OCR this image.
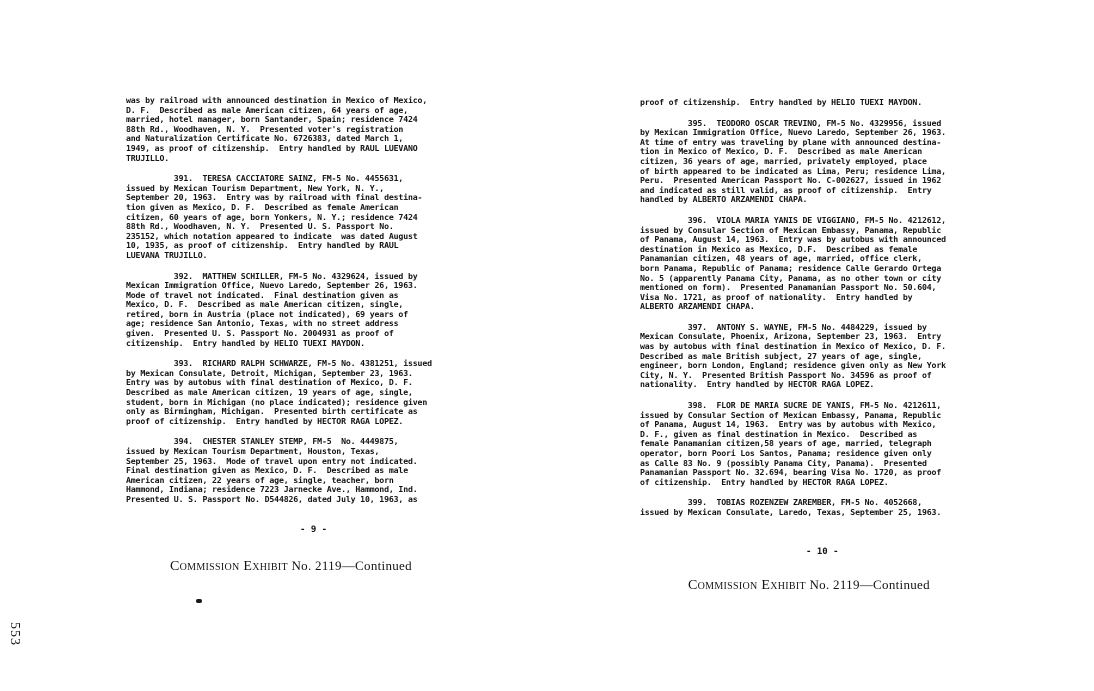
553

was by railroad with announced destination in Mexico of Mexico,
D. F.  Described as male American citizen, 64 years of age,
married, hotel manager, born Santander, Spain; residence 7424
88th Rd., Woodhaven, N. Y.  Presented voter's registration
and Naturalization Certificate No. 6726383, dated March 1,
1949, as proof of citizenship.  Entry handled by RAUL LUEVANO
TRUJILLO.

391.  TERESA CACCIATORE SAINZ, FM-5 No. 4455631,
issued by Mexican Tourism Department, New York, N. Y.,
September 20, 1963.  Entry was by railroad with final destina-
tion given as Mexico, D. F.  Described as female American
citizen, 60 years of age, born Yonkers, N. Y.; residence 7424
88th Rd., Woodhaven, N. Y.  Presented U. S. Passport No.
235152, which notation appeared to indicate  was dated August
10, 1935, as proof of citizenship.  Entry handled by RAUL
LUEVANA TRUJILLO.

392.  MATTHEW SCHILLER, FM-5 No. 4329624, issued by
Mexican Immigration Office, Nuevo Laredo, September 26, 1963.
Mode of travel not indicated.  Final destination given as
Mexico, D. F.  Described as male American citizen, single,
retired, born in Austria (place not indicated), 69 years of
age; residence San Antonio, Texas, with no street address
given.  Presented U. S. Passport No. 2004931 as proof of
citizenship.  Entry handled by HELIO TUEXI MAYDON.

393.  RICHARD RALPH SCHWARZE, FM-5 No. 4381251, issued
by Mexican Consulate, Detroit, Michigan, September 23, 1963.
Entry was by autobus with final destination of Mexico, D. F.
Described as male American citizen, 19 years of age, single,
student, born in Michigan (no place indicated); residence given
only as Birmingham, Michigan.  Presented birth certificate as
proof of citizenship.  Entry handled by HECTOR RAGA LOPEZ.

394.  CHESTER STANLEY STEMP, FM-5  No. 4449875,
issued by Mexican Tourism Department, Houston, Texas,
September 25, 1963.  Mode of travel upon entry not indicated.
Final destination given as Mexico, D. F.  Described as male
American citizen, 22 years of age, single, teacher, born
Hammond, Indiana; residence 7223 Jarnecke Ave., Hammond, Ind.
Presented U. S. Passport No. D544826, dated July 10, 1963, as

- 9 -
Commission Exhibit No. 2119—Continued

proof of citizenship.  Entry handled by HELIO TUEXI MAYDON.

395.  TEODORO OSCAR TREVINO, FM-5 No. 4329956, issued
by Mexican Immigration Office, Nuevo Laredo, September 26, 1963.
At time of entry was traveling by plane with announced destina-
tion in Mexico of Mexico, D. F.  Described as male American
citizen, 36 years of age, married, privately employed, place
of birth appeared to be indicated as Lima, Peru; residence Lima,
Peru.  Presented American Passport No. C-002627, issued in 1962
and indicated as still valid, as proof of citizenship.  Entry
handled by ALBERTO ARZAMENDI CHAPA.

396.  VIOLA MARIA YANIS DE VIGGIANO, FM-5 No. 4212612,
issued by Consular Section of Mexican Embassy, Panama, Republic
of Panama, August 14, 1963.  Entry was by autobus with announced
destination in Mexico as Mexico, D.F.  Described as female
Panamanian citizen, 48 years of age, married, office clerk,
born Panama, Republic of Panama; residence Calle Gerardo Ortega
No. 5 (apparently Panama City, Panama, as no other town or city
mentioned on form).  Presented Panamanian Passport No. 50.604,
Visa No. 1721, as proof of nationality.  Entry handled by
ALBERTO ARZAMENDI CHAPA.

397.  ANTONY S. WAYNE, FM-5 No. 4484229, issued by
Mexican Consulate, Phoenix, Arizona, September 23, 1963.  Entry
was by autobus with final destination in Mexico of Mexico, D. F.
Described as male British subject, 27 years of age, single,
engineer, born London, England; residence given only as New York
City, N. Y.  Presented British Passport No. 34596 as proof of
nationality.  Entry handled by HECTOR RAGA LOPEZ.

398.  FLOR DE MARIA SUCRE DE YANIS, FM-5 No. 4212611,
issued by Consular Section of Mexican Embassy, Panama, Republic
of Panama, August 14, 1963.  Entry was by autobus with Mexico,
D. F., given as final destination in Mexico.  Described as
female Panamanian citizen,58 years of age, married, telegraph
operator, born Poori Los Santos, Panama; residence given only
as Calle 83 No. 9 (possibly Panama City, Panama).  Presented
Panamanian Passport No. 32.694, bearing Visa No. 1720, as proof
of citizenship.  Entry handled by HECTOR RAGA LOPEZ.

399.  TOBIAS ROZENZEW ZAREMBER, FM-5 No. 4052668,
issued by Mexican Consulate, Laredo, Texas, September 25, 1963.

- 10 -
Commission Exhibit No. 2119—Continued
